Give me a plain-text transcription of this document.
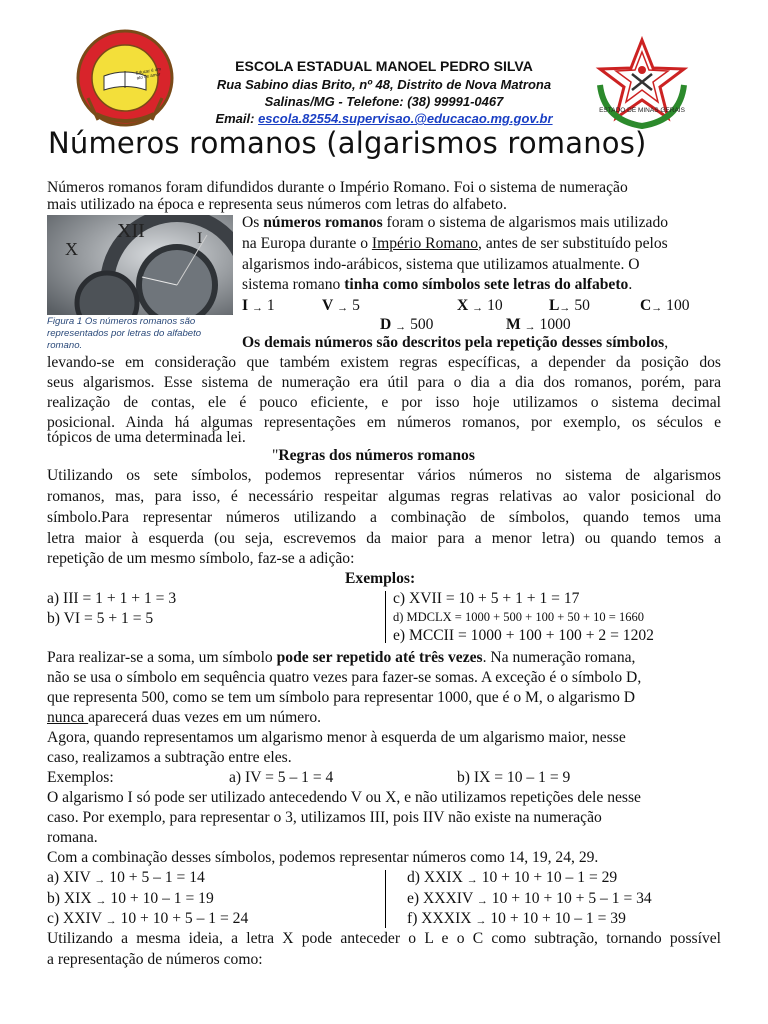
Educar é um ato de amor
ESTADO DE MINAS GERAIS
ESCOLA ESTADUAL MANOEL PEDRO SILVA
Rua Sabino dias Brito, nº 48, Distrito de Nova Matrona
Salinas/MG - Telefone: (38) 99991-0467
Email: escola.82554.supervisao.@educacao.mg.gov.br
Números romanos (algarismos romanos)
Números romanos foram difundidos durante o Império Romano. Foi o sistema de numeração
mais utilizado na época e representa seus números com letras do alfabeto.
XII
X
I
Figura 1 Os números romanos são
representados por letras do alfabeto
romano.
Os números romanos foram o sistema de algarismos mais utilizado
na Europa durante o Império Romano, antes de ser substituído pelos
algarismos indo-arábicos, sistema que utilizamos atualmente. O
sistema romano tinha como símbolos sete letras do alfabeto.
I → 1	V → 5	X → 10	L→ 50	C→ 100
D → 500	M → 1000
Os demais números são descritos pela repetição desses símbolos,
levando-se em consideração que também existem regras específicas, a depender da posição dos
seus algarismos. Esse sistema de numeração era útil para o dia a dia dos romanos, porém, para
realização de contas, ele é pouco eficiente, e por isso hoje utilizamos o sistema decimal
posicional. Ainda há algumas representações em números romanos, por exemplo, os séculos e
tópicos de uma determinada lei.
"Regras dos números romanos
Utilizando os sete símbolos, podemos representar vários números no sistema de algarismos
romanos, mas, para isso, é necessário respeitar algumas regras relativas ao valor posicional do
símbolo.Para representar números utilizando a combinação de símbolos, quando temos uma
letra maior à esquerda (ou seja, escrevemos da maior para a menor letra) ou quando temos a
repetição de um mesmo símbolo, faz-se a adição:
Exemplos:
a) III = 1 + 1 + 1 = 3
b) VI = 5 + 1 = 5
c) XVII = 10 + 5 + 1 + 1 = 17
d) MDCLX = 1000 + 500 + 100 + 50 + 10 = 1660
e) MCCII = 1000 + 100 + 100 + 2 = 1202
Para realizar-se a soma, um símbolo pode ser repetido até três vezes. Na numeração romana,
não se usa o símbolo em sequência quatro vezes para fazer-se somas. A exceção é o símbolo D,
que representa 500, como se tem um símbolo para representar 1000, que é o M, o algarismo D
nunca aparecerá duas vezes em um número.
Agora, quando representamos um algarismo menor à esquerda de um algarismo maior, nesse
caso, realizamos a subtração entre eles.
Exemplos:	a) IV = 5 – 1 = 4	b) IX = 10 – 1 = 9
O algarismo I só pode ser utilizado antecedendo V ou X, e não utilizamos repetições dele nesse
caso. Por exemplo, para representar o 3, utilizamos III, pois IIV não existe na numeração
romana.
Com a combinação desses símbolos, podemos representar números como 14, 19, 24, 29.
a) XIV → 10 + 5 – 1 = 14
b) XIX → 10 + 10 – 1 = 19
c) XXIV → 10 + 10 + 5 – 1 = 24
d) XXIX → 10 + 10 + 10 – 1 = 29
e) XXXIV → 10 + 10 + 10 + 5 – 1 = 34
f) XXXIX → 10 + 10 + 10 – 1 = 39
Utilizando a mesma ideia, a letra X pode anteceder o L e o C como subtração, tornando possível
a representação de números como:
